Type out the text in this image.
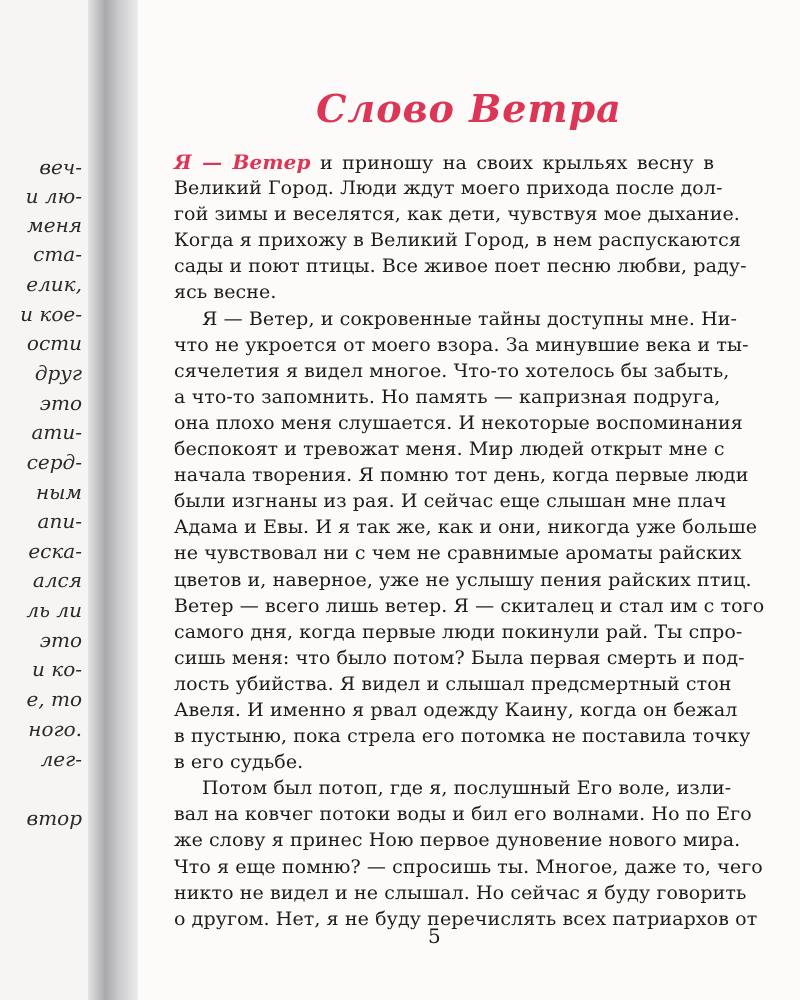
веч-
и лю-
меня
ста-
елик,
и кое-
ости
друг
это
ати-
серд-
ным
апи-
еска-
ался
ль ли
это
и ко-
е, то
ного.
лег-
втор
Слово Ветра
Я — Ветер и приношу на своих крыльях весну в
Великий Город. Люди ждут моего прихода после дол-
гой зимы и веселятся, как дети, чувствуя мое дыхание.
Когда я прихожу в Великий Город, в нем распускаются
сады и поют птицы. Все живое поет песню любви, раду-
ясь весне.
Я — Ветер, и сокровенные тайны доступны мне. Ни-
что не укроется от моего взора. За минувшие века и ты-
сячелетия я видел многое. Что-то хотелось бы забыть,
а что-то запомнить. Но память — капризная подруга,
она плохо меня слушается. И некоторые воспоминания
беспокоят и тревожат меня. Мир людей открыт мне с
начала творения. Я помню тот день, когда первые люди
были изгнаны из рая. И сейчас еще слышан мне плач
Адама и Евы. И я так же, как и они, никогда уже больше
не чувствовал ни с чем не сравнимые ароматы райских
цветов и, наверное, уже не услышу пения райских птиц.
Ветер — всего лишь ветер. Я — скиталец и стал им с того
самого дня, когда первые люди покинули рай. Ты спро-
сишь меня: что было потом? Была первая смерть и под-
лость убийства. Я видел и слышал предсмертный стон
Авеля. И именно я рвал одежду Каину, когда он бежал
в пустыню, пока стрела его потомка не поставила точку
в его судьбе.
Потом был потоп, где я, послушный Его воле, изли-
вал на ковчег потоки воды и бил его волнами. Но по Его
же слову я принес Ною первое дуновение нового мира.
Что я еще помню? — спросишь ты. Многое, даже то, чего
никто не видел и не слышал. Но сейчас я буду говорить
о другом. Нет, я не буду перечислять всех патриархов от
5
